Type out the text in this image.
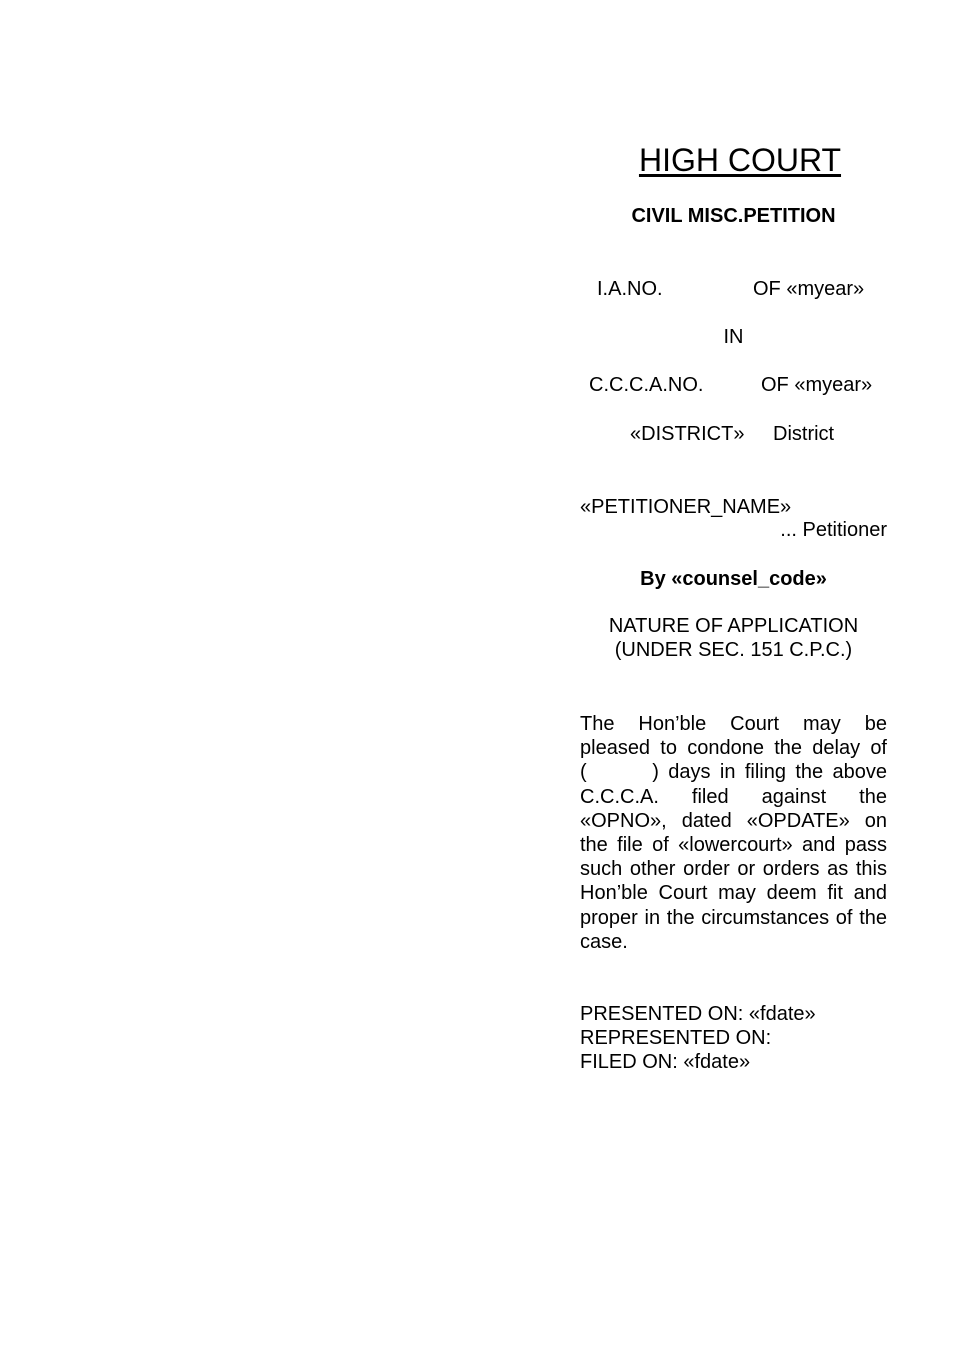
HIGH COURT
CIVIL MISC.PETITION
I.A.NO.	OF «myear»
IN
C.C.C.A.NO.	OF «myear»
«DISTRICT» District
«PETITIONER_NAME»
... Petitioner
By «counsel_code»
NATURE OF APPLICATION
(UNDER SEC. 151 C.P.C.)
The Hon’ble Court may be pleased to condone the delay of (       ) days in filing the above C.C.C.A. filed against the «OPNO», dated «OPDATE» on the file of «lowercourt» and pass such other order or orders as this Hon’ble Court may deem fit and proper in the circumstances of the case.
PRESENTED ON: «fdate»
REPRESENTED ON:
FILED ON: «fdate»
